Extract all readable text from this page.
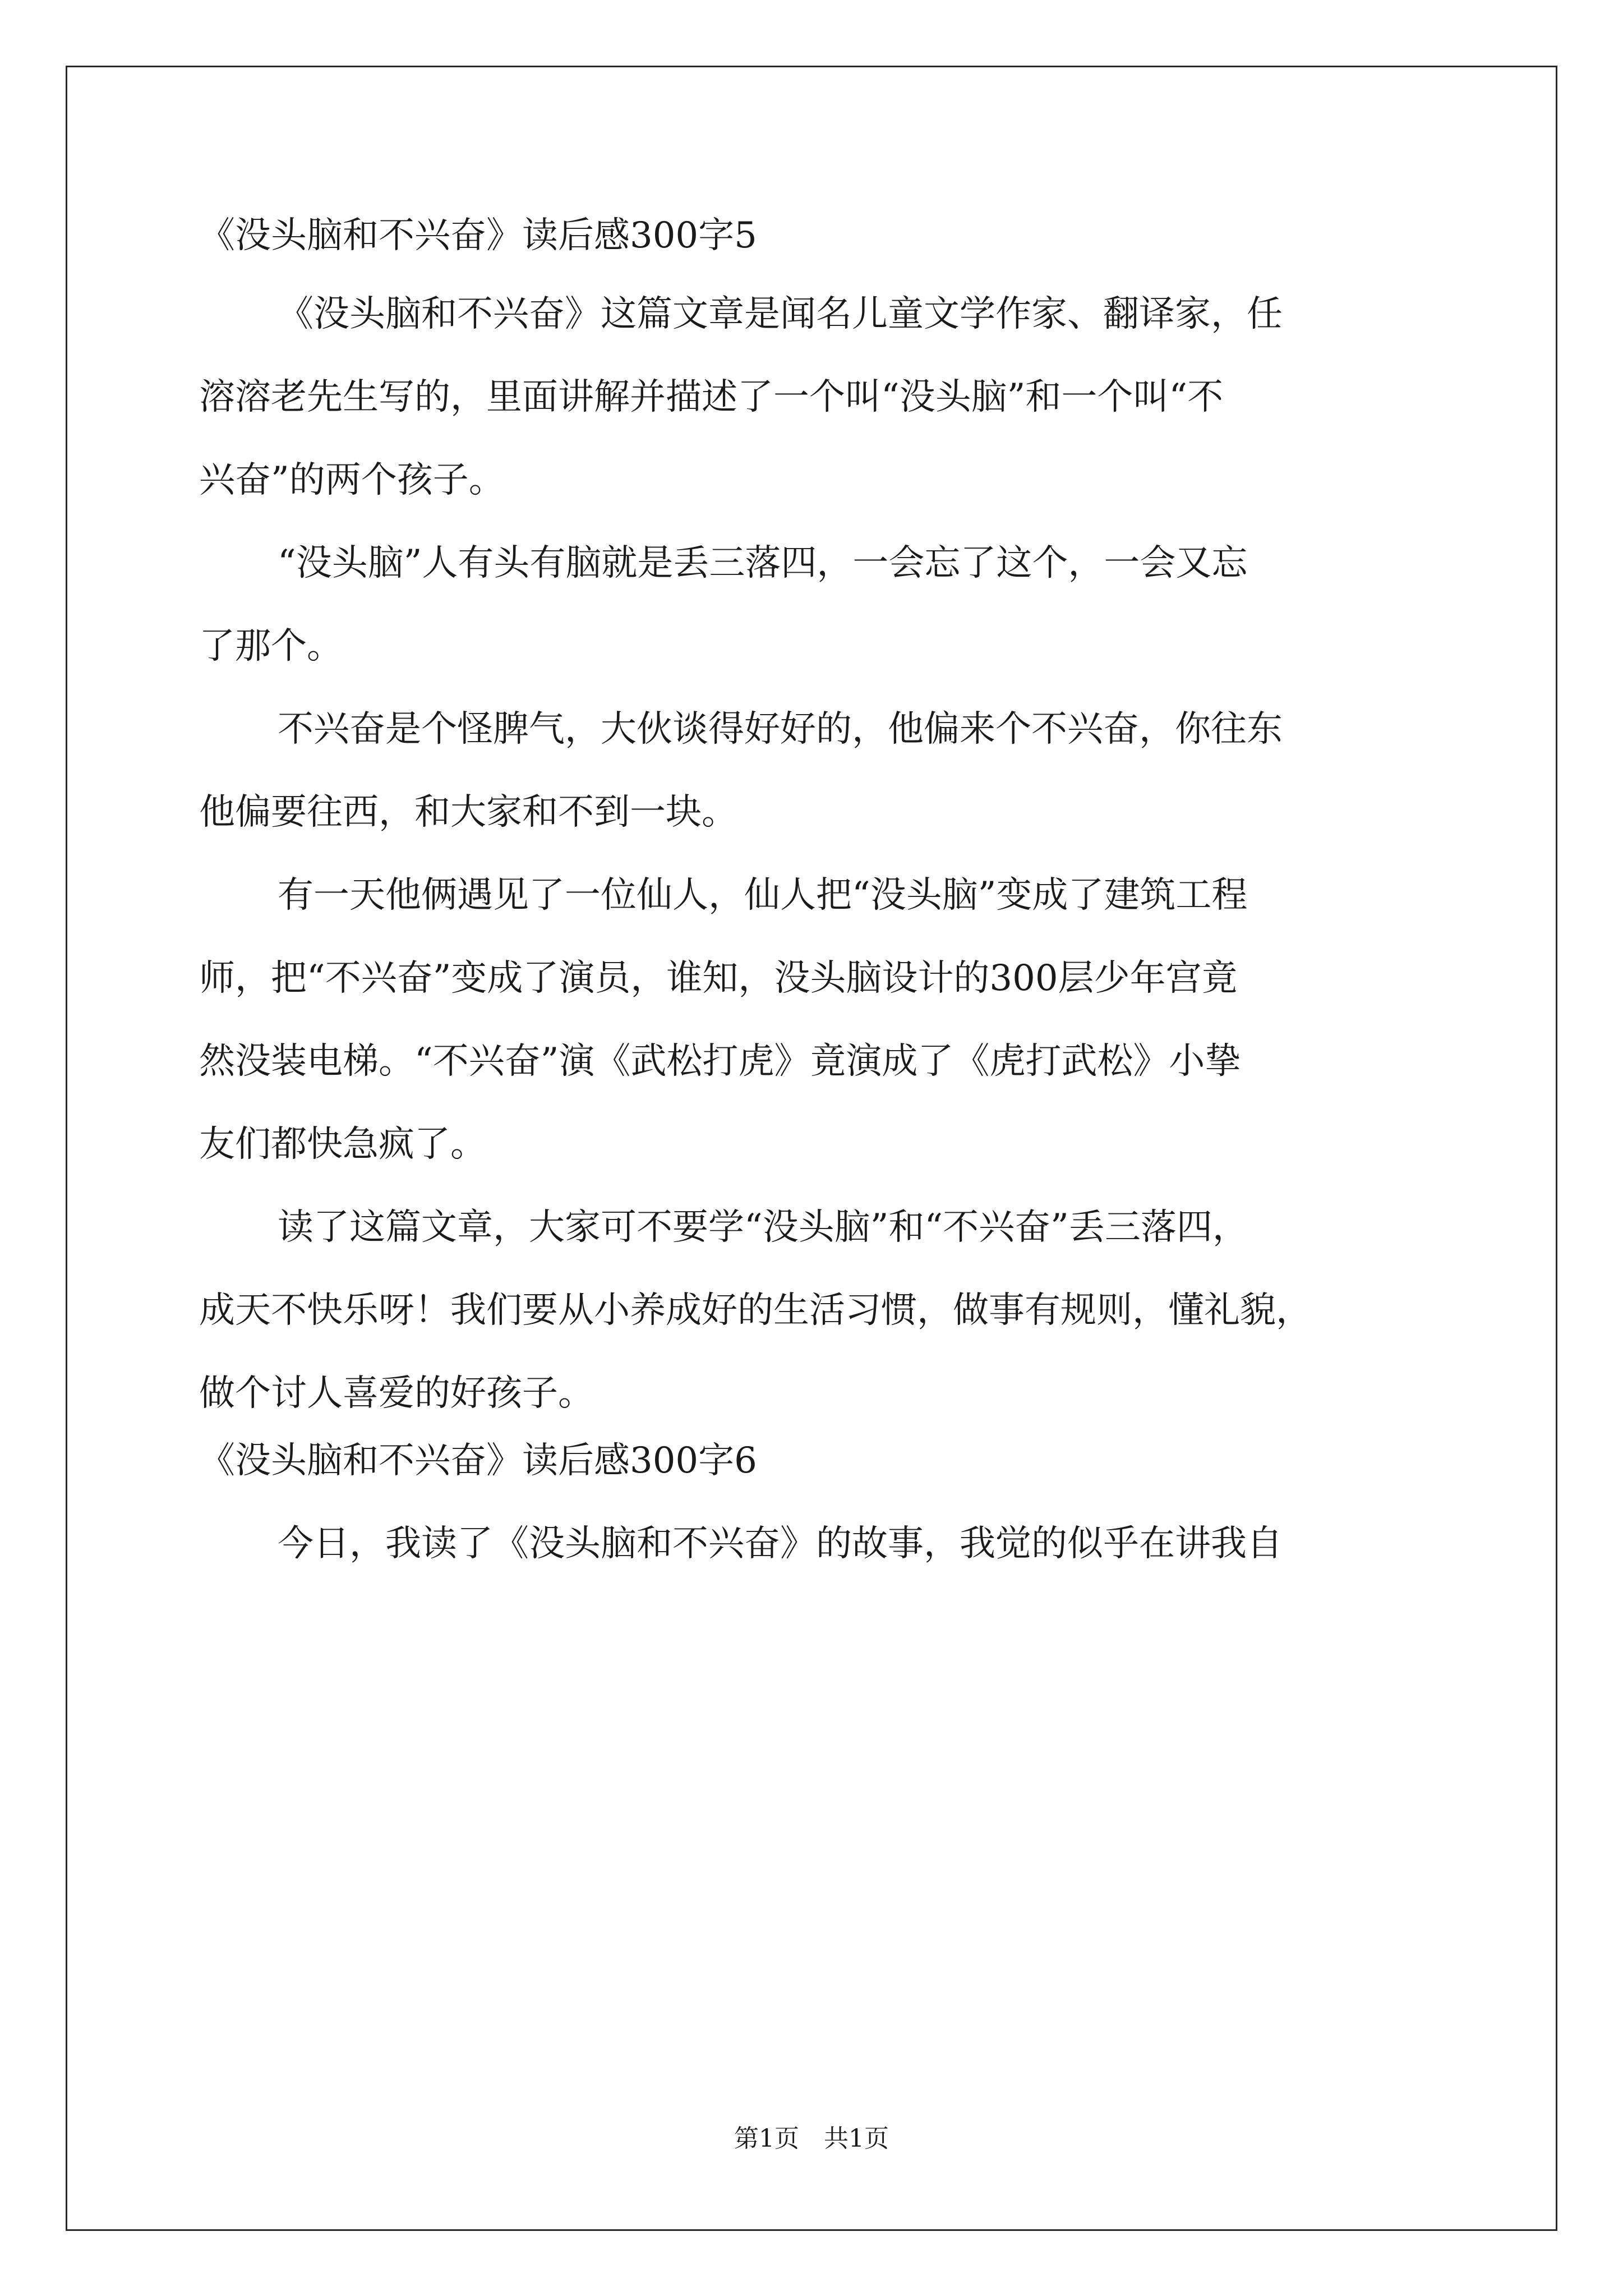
《没头脑和不兴奋》读后感300字5
《没头脑和不兴奋》这篇文章是闻名儿童文学作家、翻译家，任
溶溶老先生写的，里面讲解并描述了一个叫“没头脑”和一个叫“不
兴奋”的两个孩子。
“没头脑”人有头有脑就是丢三落四，一会忘了这个，一会又忘
了那个。
不兴奋是个怪脾气，大伙谈得好好的，他偏来个不兴奋，你往东
他偏要往西，和大家和不到一块。
有一天他俩遇见了一位仙人，仙人把“没头脑”变成了建筑工程
师，把“不兴奋”变成了演员，谁知，没头脑设计的300层少年宫竟
然没装电梯。“不兴奋”演《武松打虎》竟演成了《虎打武松》小挚
友们都快急疯了。
读了这篇文章，大家可不要学“没头脑”和“不兴奋”丢三落四，
成天不快乐呀！我们要从小养成好的生活习惯，做事有规则，懂礼貌，
做个讨人喜爱的好孩子。
《没头脑和不兴奋》读后感300字6
今日，我读了《没头脑和不兴奋》的故事，我觉的似乎在讲我自
第1页　共1页
